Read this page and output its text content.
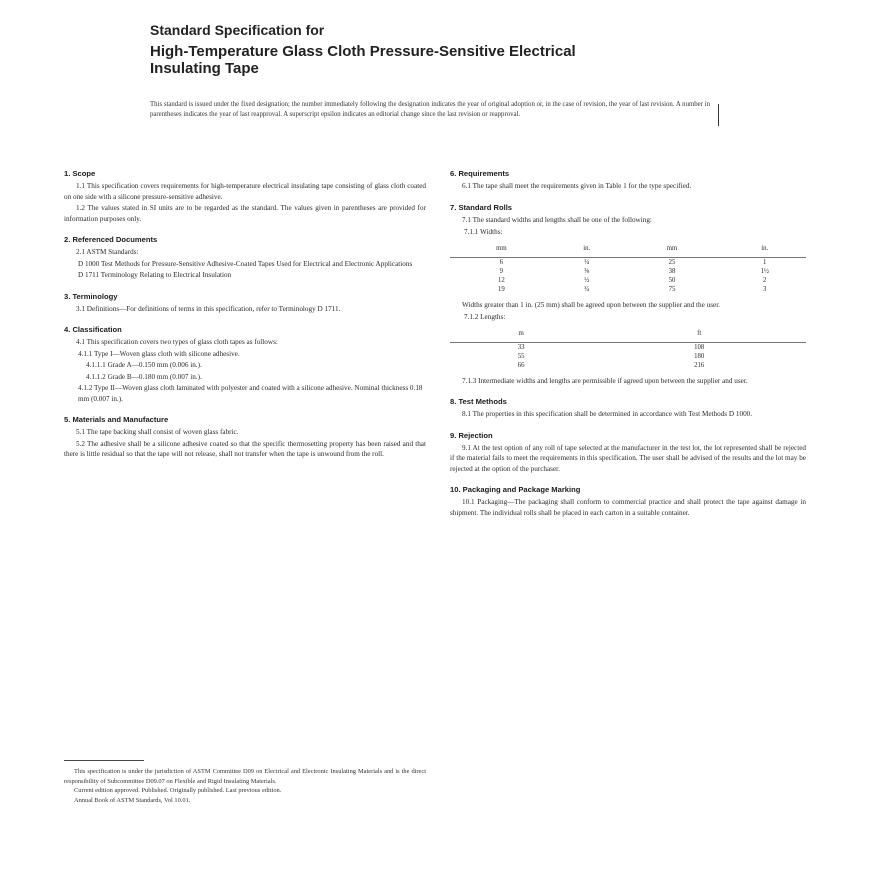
Standard Specification for
High-Temperature Glass Cloth Pressure-Sensitive Electrical
Insulating Tape
This standard is issued under the fixed designation; the number immediately following the designation indicates the year of original adoption or, in the case of revision, the year of last revision. A number in parentheses indicates the year of last reapproval. A superscript epsilon indicates an editorial change since the last revision or reapproval.
1. Scope

1.1 This specification covers requirements for high-temperature electrical insulating tape consisting of glass cloth coated on one side with a silicone pressure-sensitive adhesive.

1.2 The values stated in SI units are to be regarded as the standard. The values given in parentheses are provided for information purposes only.

2. Referenced Documents

2.1 ASTM Standards:

D 1000 Test Methods for Pressure-Sensitive Adhesive-Coated Tapes Used for Electrical and Electronic Applications

D 1711 Terminology Relating to Electrical Insulation

3. Terminology

3.1 Definitions—For definitions of terms in this specification, refer to Terminology D 1711.

4. Classification

4.1 This specification covers two types of glass cloth tapes as follows:

4.1.1 Type I—Woven glass cloth with silicone adhesive.

4.1.1.1 Grade A—0.150 mm (0.006 in.).

4.1.1.2 Grade B—0.180 mm (0.007 in.).

4.1.2 Type II—Woven glass cloth laminated with polyester and coated with a silicone adhesive. Nominal thickness 0.18 mm (0.007 in.).

5. Materials and Manufacture

5.1 The tape backing shall consist of woven glass fabric.

5.2 The adhesive shall be a silicone adhesive coated so that the specific thermosetting property has been raised and that there is little residual so that the tape will not release, shall not transfer when the tape is unwound from the roll.

6. Requirements

6.1 The tape shall meet the requirements given in Table 1 for the type specified.

7. Standard Rolls

7.1 The standard widths and lengths shall be one of the following:

7.1.1 Widths:

mm	in.	mm	in.
6	¼	25	1
9	⅜	38	1½
12	½	50	2
19	¾	75	3

Widths greater than 1 in. (25 mm) shall be agreed upon between the supplier and the user.

7.1.2 Lengths:

m	ft
33	108
55	180
66	216

7.1.3 Intermediate widths and lengths are permissible if agreed upon between the supplier and user.

8. Test Methods

8.1 The properties in this specification shall be determined in accordance with Test Methods D 1000.

9. Rejection

9.1 At the test option of any roll of tape selected at the manufacturer in the test lot, the lot represented shall be rejected if the material fails to meet the requirements in this specification. The user shall be advised of the results and the lot may be rejected at the option of the purchaser.

10. Packaging and Package Marking

10.1 Packaging—The packaging shall conform to commercial practice and shall protect the tape against damage in shipment. The individual rolls shall be placed in each carton in a suitable container.

This specification is under the jurisdiction of ASTM Committee D09 on Electrical and Electronic Insulating Materials and is the direct responsibility of Subcommittee D09.07 on Flexible and Rigid Insulating Materials.

Current edition approved. Published. Originally published. Last previous edition.

Annual Book of ASTM Standards, Vol 10.01.
